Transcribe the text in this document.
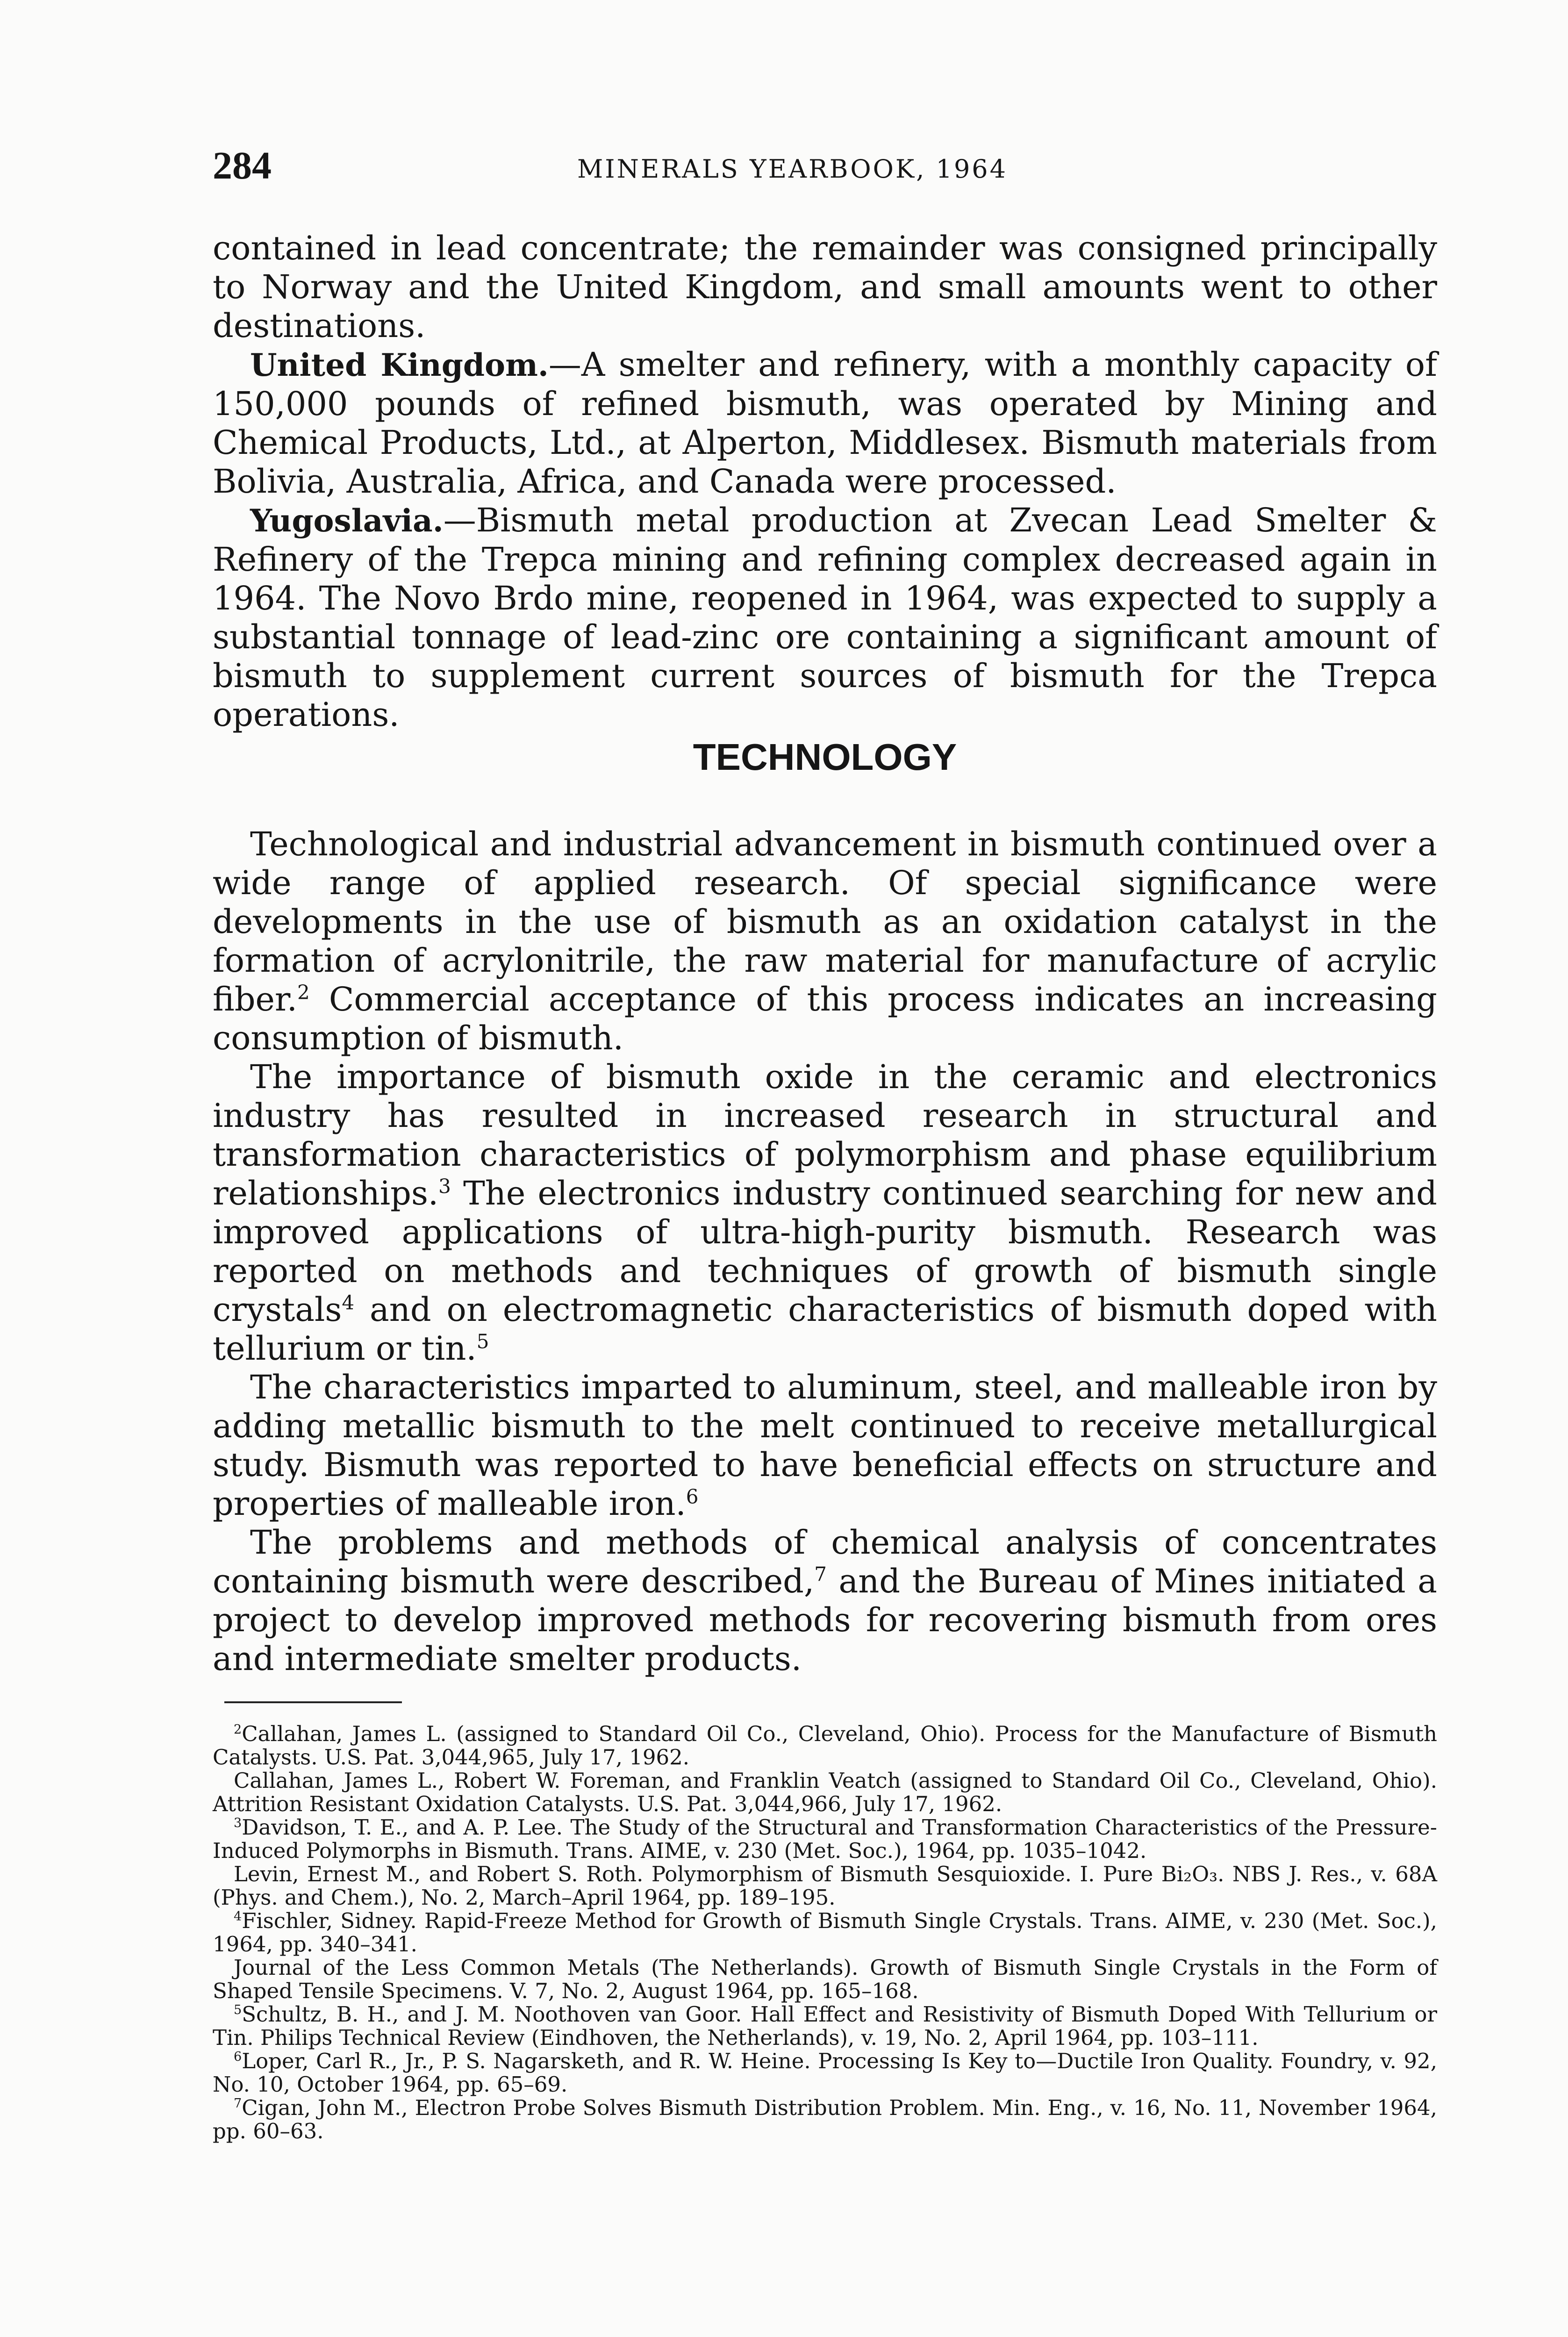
284	MINERALS YEARBOOK, 1964

contained in lead concentrate; the remainder was consigned principally to Norway and the United Kingdom, and small amounts went to other destinations.

United Kingdom.—A smelter and refinery, with a monthly capacity of 150,000 pounds of refined bismuth, was operated by Mining and Chemical Products, Ltd., at Alperton, Middlesex. Bismuth materials from Bolivia, Australia, Africa, and Canada were processed.

Yugoslavia.—Bismuth metal production at Zvecan Lead Smelter & Refinery of the Trepca mining and refining complex decreased again in 1964. The Novo Brdo mine, reopened in 1964, was expected to supply a substantial tonnage of lead-zinc ore containing a significant amount of bismuth to supplement current sources of bismuth for the Trepca operations.

TECHNOLOGY

Technological and industrial advancement in bismuth continued over a wide range of applied research. Of special significance were developments in the use of bismuth as an oxidation catalyst in the formation of acrylonitrile, the raw material for manufacture of acrylic fiber.$^2$ Commercial acceptance of this process indicates an increasing consumption of bismuth.

The importance of bismuth oxide in the ceramic and electronics industry has resulted in increased research in structural and transformation characteristics of polymorphism and phase equilibrium relationships.$^3$ The electronics industry continued searching for new and improved applications of ultra-high-purity bismuth. Research was reported on methods and techniques of growth of bismuth single crystals$^4$ and on electromagnetic characteristics of bismuth doped with tellurium or tin.$^5$

The characteristics imparted to aluminum, steel, and malleable iron by adding metallic bismuth to the melt continued to receive metallurgical study. Bismuth was reported to have beneficial effects on structure and properties of malleable iron.$^6$

The problems and methods of chemical analysis of concentrates containing bismuth were described,$^7$ and the Bureau of Mines initiated a project to develop improved methods for recovering bismuth from ores and intermediate smelter products.

$^2$Callahan, James L. (assigned to Standard Oil Co., Cleveland, Ohio). Process for the Manufacture of Bismuth Catalysts. U.S. Pat. 3,044,965, July 17, 1962.

Callahan, James L., Robert W. Foreman, and Franklin Veatch (assigned to Standard Oil Co., Cleveland, Ohio). Attrition Resistant Oxidation Catalysts. U.S. Pat. 3,044,966, July 17, 1962.

$^3$Davidson, T. E., and A. P. Lee. The Study of the Structural and Transformation Characteristics of the Pressure-Induced Polymorphs in Bismuth. Trans. AIME, v. 230 (Met. Soc.), 1964, pp. 1035–1042.

Levin, Ernest M., and Robert S. Roth. Polymorphism of Bismuth Sesquioxide. I. Pure Bi₂O₃. NBS J. Res., v. 68A (Phys. and Chem.), No. 2, March–April 1964, pp. 189–195.

$^4$Fischler, Sidney. Rapid-Freeze Method for Growth of Bismuth Single Crystals. Trans. AIME, v. 230 (Met. Soc.), 1964, pp. 340–341.

Journal of the Less Common Metals (The Netherlands). Growth of Bismuth Single Crystals in the Form of Shaped Tensile Specimens. V. 7, No. 2, August 1964, pp. 165–168.

$^5$Schultz, B. H., and J. M. Noothoven van Goor. Hall Effect and Resistivity of Bismuth Doped With Tellurium or Tin. Philips Technical Review (Eindhoven, the Netherlands), v. 19, No. 2, April 1964, pp. 103–111.

$^6$Loper, Carl R., Jr., P. S. Nagarsketh, and R. W. Heine. Processing Is Key to—Ductile Iron Quality. Foundry, v. 92, No. 10, October 1964, pp. 65–69.

$^7$Cigan, John M., Electron Probe Solves Bismuth Distribution Problem. Min. Eng., v. 16, No. 11, November 1964, pp. 60–63.
